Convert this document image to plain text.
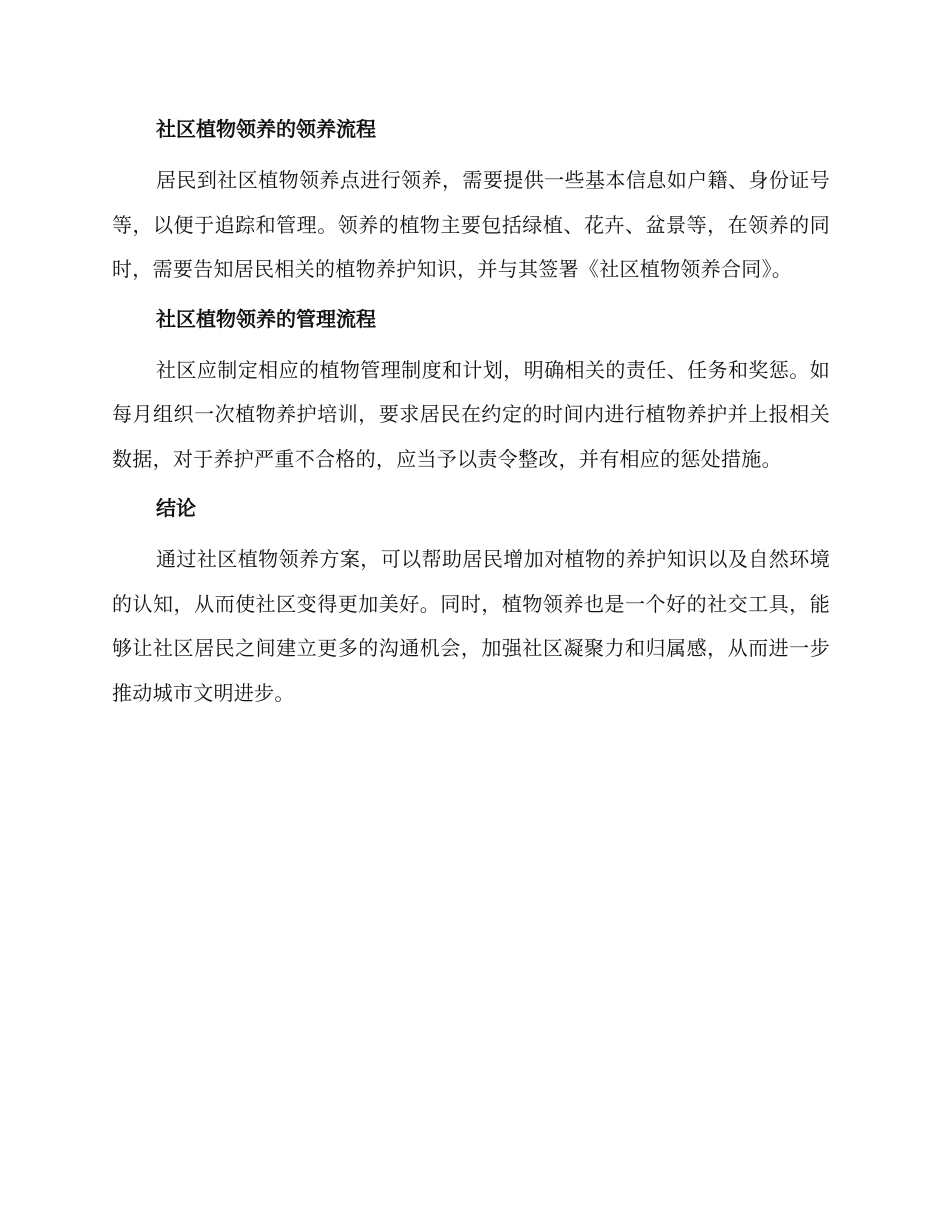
社区植物领养的领养流程

居民到社区植物领养点进行领养，需要提供一些基本信息如户籍、身份证号等，以便于追踪和管理。领养的植物主要包括绿植、花卉、盆景等，在领养的同时，需要告知居民相关的植物养护知识，并与其签署《社区植物领养合同》。

社区植物领养的管理流程

社区应制定相应的植物管理制度和计划，明确相关的责任、任务和奖惩。如每月组织一次植物养护培训，要求居民在约定的时间内进行植物养护并上报相关数据，对于养护严重不合格的，应当予以责令整改，并有相应的惩处措施。

结论

通过社区植物领养方案，可以帮助居民增加对植物的养护知识以及自然环境的认知，从而使社区变得更加美好。同时，植物领养也是一个好的社交工具，能够让社区居民之间建立更多的沟通机会，加强社区凝聚力和归属感，从而进一步推动城市文明进步。
